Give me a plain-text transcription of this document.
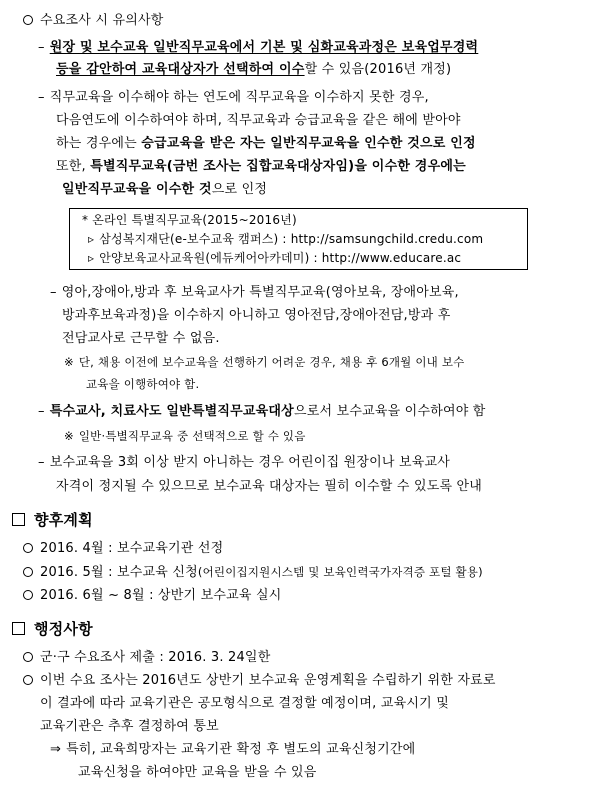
수요조사 시 유의사항
– 원장 및 보수교육 일반직무교육에서 기본 및 심화교육과정은 보육업무경력
등을 감안하여 교육대상자가 선택하여 이수할 수 있음(2016년 개정)
– 직무교육을 이수해야 하는 연도에 직무교육을 이수하지 못한 경우,
다음연도에 이수하여야 하며, 직무교육과 승급교육을 같은 해에 받아야
하는 경우에는 승급교육을 받은 자는 일반직무교육을 인수한 것으로 인정
또한, 특별직무교육(금번 조사는 집합교육대상자임)을 이수한 경우에는
일반직무교육을 이수한 것으로 인정
* 온라인 특별직무교육(2015~2016년)
▹ 삼성복지재단(e-보수교육 캠퍼스) : http://samsungchild.credu.com
▹ 안양보육교사교육원(에듀케어아카데미) : http://www.educare.ac
– 영아,장애아,방과 후 보육교사가 특별직무교육(영아보육, 장애아보육,
방과후보육과정)을 이수하지 아니하고 영아전담,장애아전담,방과 후
전담교사로 근무할 수 없음.
※ 단, 채용 이전에 보수교육을 선행하기 어려운 경우, 채용 후 6개월 이내 보수
교육을 이행하여야 함.
– 특수교사, 치료사도 일반특별직무교육대상으로서 보수교육을 이수하여야 함
※ 일반·특별직무교육 중 선택적으로 할 수 있음
– 보수교육을 3회 이상 받지 아니하는 경우 어린이집 원장이나 보육교사
자격이 정지될 수 있으므로 보수교육 대상자는 필히 이수할 수 있도록 안내
향후계획
2016. 4월 : 보수교육기관 선정
2016. 5월 : 보수교육 신청(어린이집지원시스템 및 보육인력국가자격증 포털 활용)
2016. 6월 ~ 8월 : 상반기 보수교육 실시
행정사항
군·구 수요조사 제출 : 2016. 3. 24일한
이번 수요 조사는 2016년도 상반기 보수교육 운영계획을 수립하기 위한 자료로
이 결과에 따라 교육기관은 공모형식으로 결정할 예정이며, 교육시기 및
교육기관은 추후 결정하여 통보
⇒ 특히, 교육희망자는 교육기관 확정 후 별도의 교육신청기간에
교육신청을 하여야만 교육을 받을 수 있음
